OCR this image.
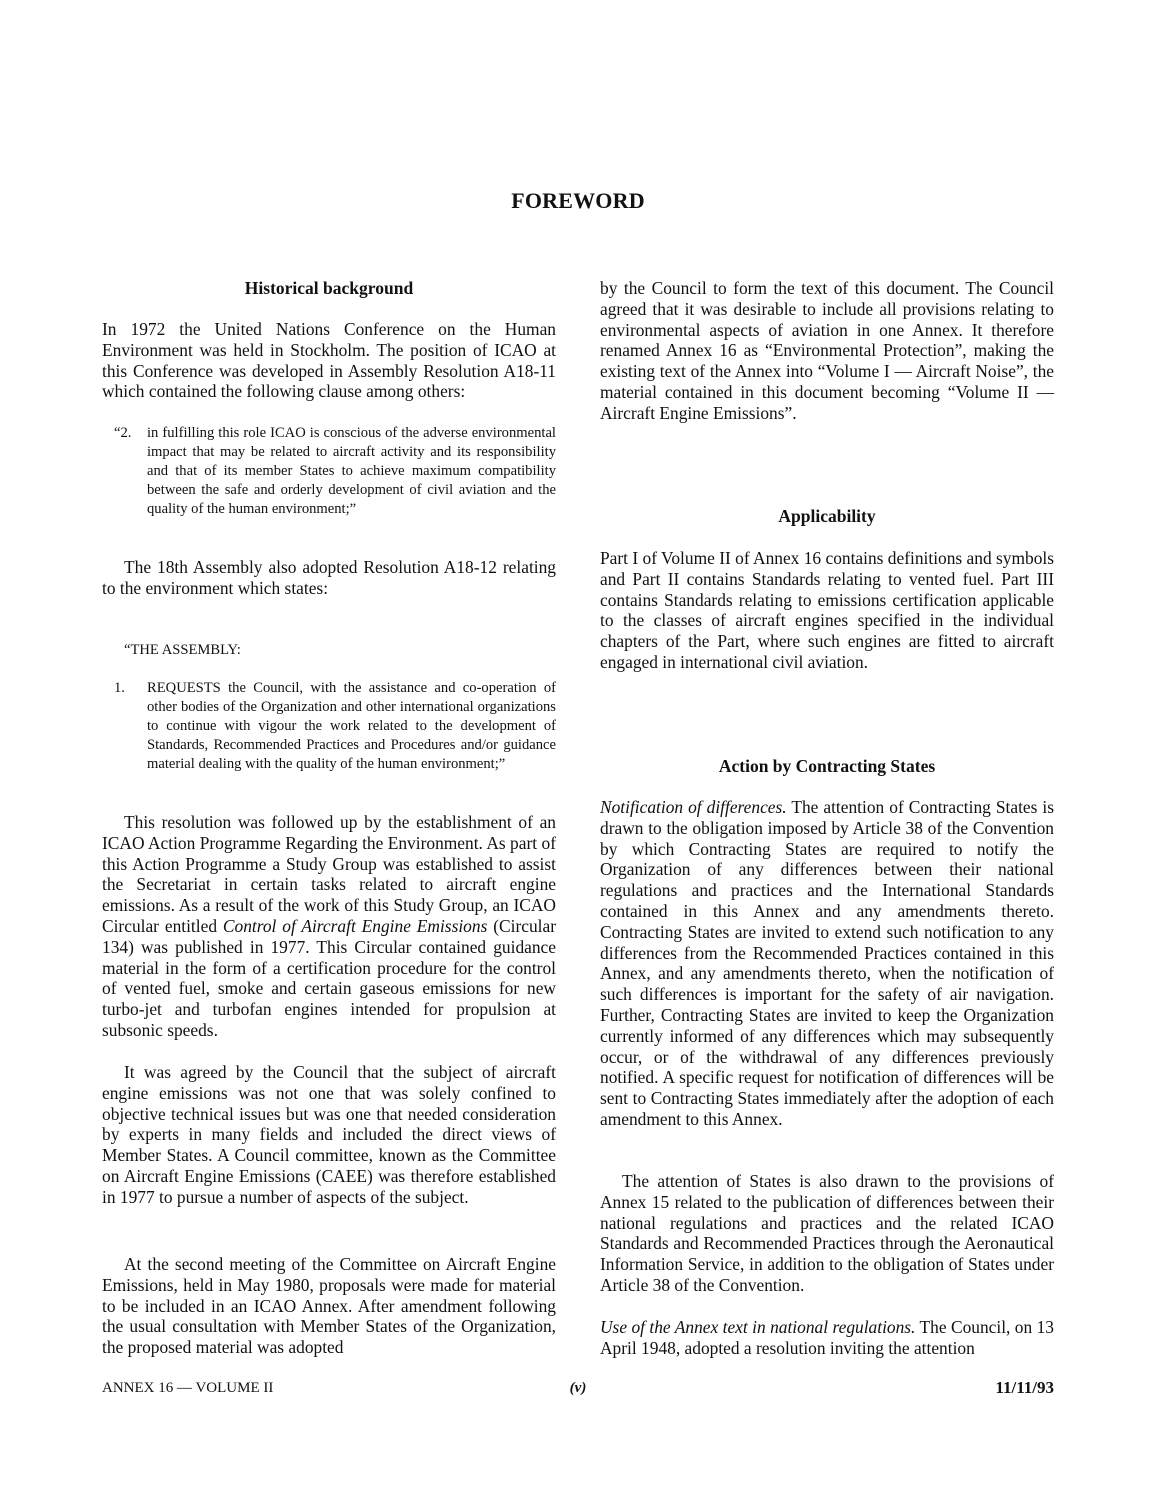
FOREWORD
Historical background

In 1972 the United Nations Conference on the Human Environment was held in Stockholm. The position of ICAO at this Conference was developed in Assembly Resolution A18-11 which contained the following clause among others:

“2. in fulfilling this role ICAO is conscious of the adverse environmental impact that may be related to aircraft activity and its responsibility and that of its member States to achieve maximum compatibility between the safe and orderly development of civil aviation and the quality of the human environment;”

The 18th Assembly also adopted Resolution A18-12 relating to the environment which states:

“THE ASSEMBLY:

1. REQUESTS the Council, with the assistance and co-operation of other bodies of the Organization and other international organizations to continue with vigour the work related to the development of Standards, Recommended Practices and Procedures and/or guidance material dealing with the quality of the human environment;”

This resolution was followed up by the establishment of an ICAO Action Programme Regarding the Environment. As part of this Action Programme a Study Group was established to assist the Secretariat in certain tasks related to aircraft engine emissions. As a result of the work of this Study Group, an ICAO Circular entitled Control of Aircraft Engine Emissions (Circular 134) was published in 1977. This Circular contained guidance material in the form of a certification procedure for the control of vented fuel, smoke and certain gaseous emissions for new turbo-jet and turbofan engines intended for propulsion at subsonic speeds.

It was agreed by the Council that the subject of aircraft engine emissions was not one that was solely confined to objective technical issues but was one that needed consideration by experts in many fields and included the direct views of Member States. A Council committee, known as the Committee on Aircraft Engine Emissions (CAEE) was therefore established in 1977 to pursue a number of aspects of the subject.

At the second meeting of the Committee on Aircraft Engine Emissions, held in May 1980, proposals were made for material to be included in an ICAO Annex. After amendment following the usual consultation with Member States of the Organization, the proposed material was adopted

by the Council to form the text of this document. The Council agreed that it was desirable to include all provisions relating to environmental aspects of aviation in one Annex. It therefore renamed Annex 16 as “Environmental Protection”, making the existing text of the Annex into “Volume I — Aircraft Noise”, the material contained in this document becoming “Volume II — Aircraft Engine Emissions”.

Applicability

Part I of Volume II of Annex 16 contains definitions and symbols and Part II contains Standards relating to vented fuel. Part III contains Standards relating to emissions certification applicable to the classes of aircraft engines specified in the individual chapters of the Part, where such engines are fitted to aircraft engaged in international civil aviation.

Action by Contracting States

Notification of differences. The attention of Contracting States is drawn to the obligation imposed by Article 38 of the Convention by which Contracting States are required to notify the Organization of any differences between their national regulations and practices and the International Standards contained in this Annex and any amendments thereto. Contracting States are invited to extend such notification to any differences from the Recommended Practices contained in this Annex, and any amendments thereto, when the notification of such differences is important for the safety of air navigation. Further, Contracting States are invited to keep the Organization currently informed of any differences which may subsequently occur, or of the withdrawal of any differences previously notified. A specific request for notification of differences will be sent to Contracting States immediately after the adoption of each amendment to this Annex.

The attention of States is also drawn to the provisions of Annex 15 related to the publication of differences between their national regulations and practices and the related ICAO Standards and Recommended Practices through the Aeronautical Information Service, in addition to the obligation of States under Article 38 of the Convention.

Use of the Annex text in national regulations. The Council, on 13 April 1948, adopted a resolution inviting the attention

ANNEX 16 — VOLUME II	(v)	11/11/93
